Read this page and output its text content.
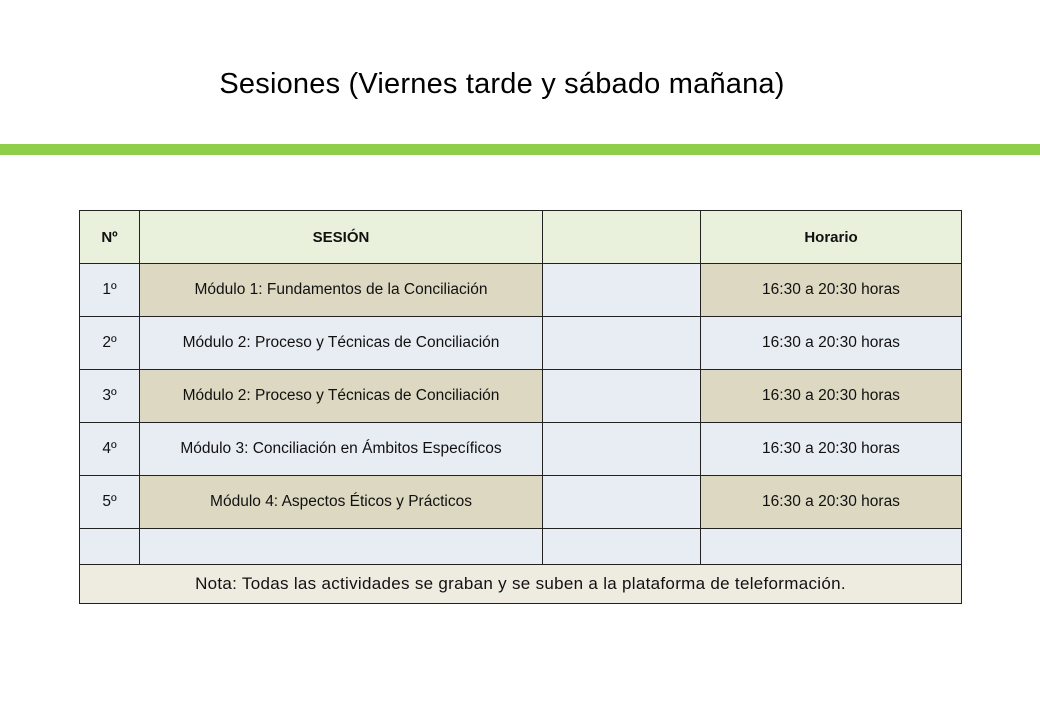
Sesiones (Viernes tarde y sábado mañana)
Nº	SESIÓN		Horario
1º	Módulo 1: Fundamentos de la Conciliación		16:30 a 20:30 horas
2º	Módulo 2: Proceso y Técnicas de Conciliación		16:30 a 20:30 horas
3º	Módulo 2: Proceso y Técnicas de Conciliación		16:30 a 20:30 horas
4º	Módulo 3: Conciliación en Ámbitos Específicos		16:30 a 20:30 horas
5º	Módulo 4: Aspectos Éticos y Prácticos		16:30 a 20:30 horas

Nota: Todas las actividades se graban y se suben a la plataforma de teleformación.			
